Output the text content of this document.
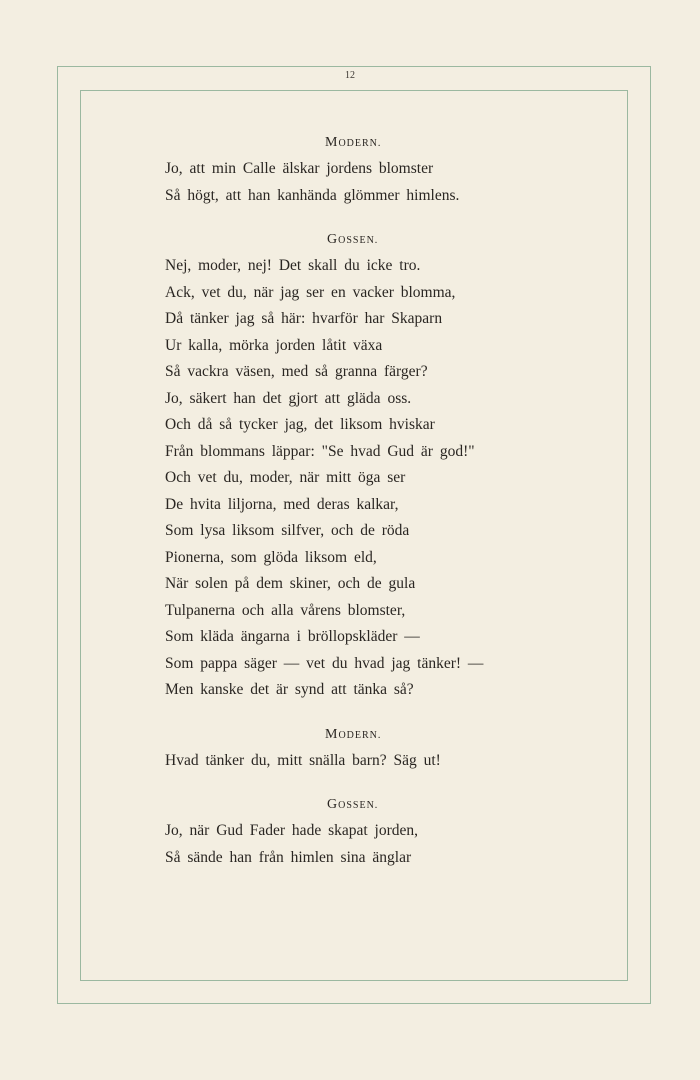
12
MODERN.
Jo, att min Calle älskar jordens blomster
Så högt, att han kanhända glömmer himlens.
GOSSEN.
Nej, moder, nej! Det skall du icke tro.
Ack, vet du, när jag ser en vacker blomma,
Då tänker jag så här: hvarför har Skaparn
Ur kalla, mörka jorden låtit växa
Så vackra väsen, med så granna färger?
Jo, säkert han det gjort att gläda oss.
Och då så tycker jag, det liksom hviskar
Från blommans läppar: "Se hvad Gud är god!"
Och vet du, moder, när mitt öga ser
De hvita liljorna, med deras kalkar,
Som lysa liksom silfver, och de röda
Pionerna, som glöda liksom eld,
När solen på dem skiner, och de gula
Tulpanerna och alla vårens blomster,
Som kläda ängarna i bröllopskläder —
Som pappa säger — vet du hvad jag tänker! —
Men kanske det är synd att tänka så?
MODERN.
Hvad tänker du, mitt snälla barn? Säg ut!
GOSSEN.
Jo, när Gud Fader hade skapat jorden,
Så sände han från himlen sina änglar
